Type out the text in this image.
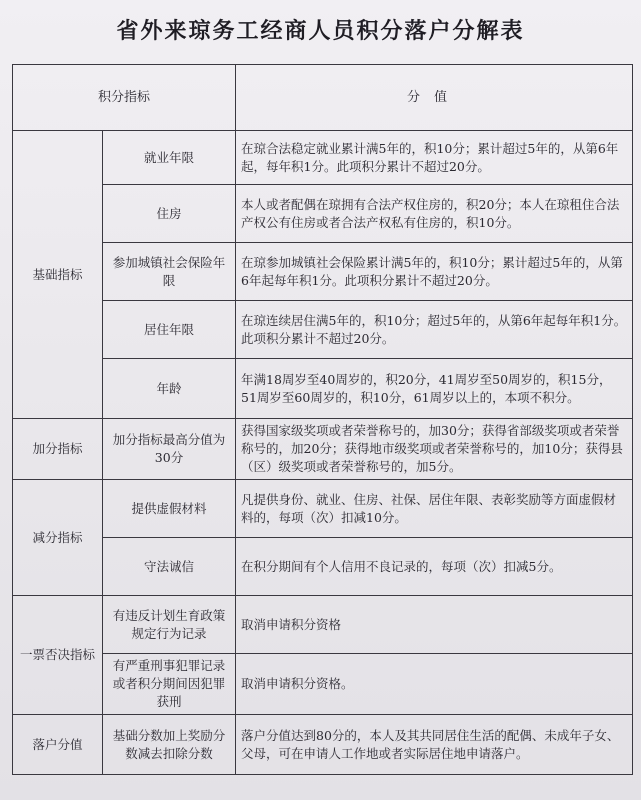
省外来琼务工经商人员积分落户分解表
积分指标		分值
基础指标	就业年限	在琼合法稳定就业累计满5年的，积10分；累计超过5年的，从第6年起，每年积1分。此项积分累计不超过20分。
	住房	本人或者配偶在琼拥有合法产权住房的，积20分；本人在琼租住合法产权公有住房或者合法产权私有住房的，积10分。
	参加城镇社会保险年限	在琼参加城镇社会保险累计满5年的，积10分；累计超过5年的，从第6年起每年积1分。此项积分累计不超过20分。
	居住年限	在琼连续居住满5年的，积10分；超过5年的，从第6年起每年积1分。此项积分累计不超过20分。
	年龄	年满18周岁至40周岁的，积20分，41周岁至50周岁的，积15分，51周岁至60周岁的，积10分，61周岁以上的，本项不积分。
加分指标	加分指标最高分值为30分	获得国家级奖项或者荣誉称号的，加30分；获得省部级奖项或者荣誉称号的，加20分；获得地市级奖项或者荣誉称号的，加10分；获得县（区）级奖项或者荣誉称号的，加5分。
减分指标	提供虚假材料	凡提供身份、就业、住房、社保、居住年限、表彰奖励等方面虚假材料的，每项（次）扣减10分。
	守法诚信	在积分期间有个人信用不良记录的，每项（次）扣减5分。
一票否决指标	有违反计划生育政策规定行为记录	取消申请积分资格
	有严重刑事犯罪记录或者积分期间因犯罪获刑	取消申请积分资格。
落户分值	基础分数加上奖励分数减去扣除分数	落户分值达到80分的，本人及其共同居住生活的配偶、未成年子女、父母，可在申请人工作地或者实际居住地申请落户。
